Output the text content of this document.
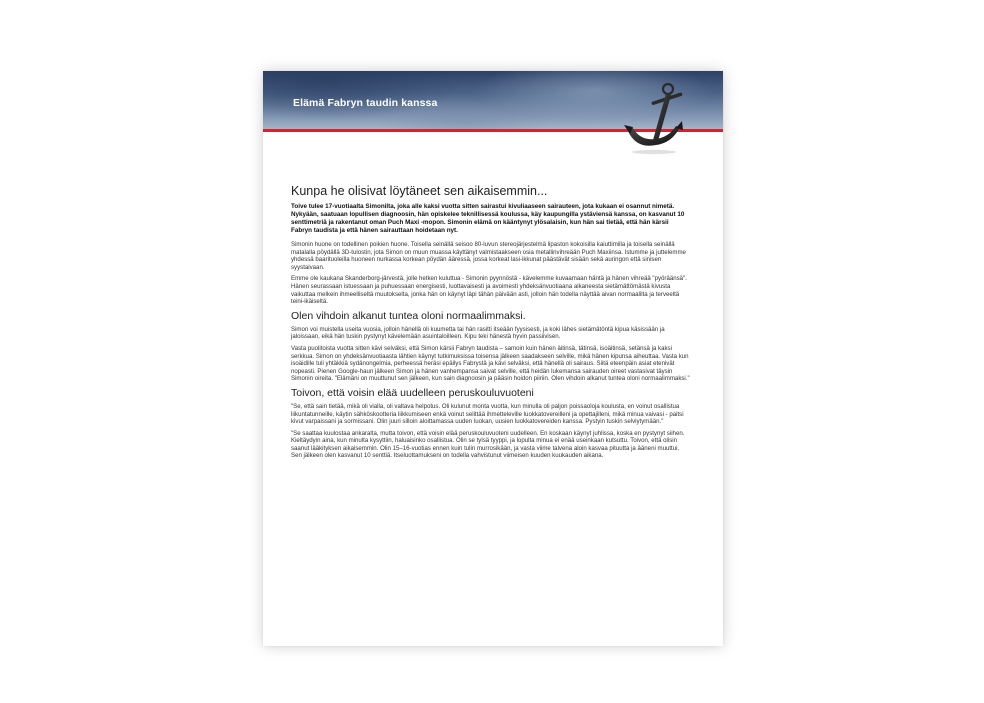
Elämä Fabryn taudin kanssa
Kunpa he olisivat löytäneet sen aikaisemmin...

Toive tulee 17-vuotiaalta Simonilta, joka alle kaksi vuotta sitten sairastui kivuliaaseen sairauteen, jota kukaan ei osannut nimetä. Nykyään, saatuaan lopullisen diagnoosin, hän opiskelee teknillisessä koulussa, käy kaupungilla ystäviensä kanssa, on kasvanut 10 senttimetriä ja rakentanut oman Puch Maxi -mopon. Simonin elämä on kääntynyt ylösalaisin, kun hän sai tietää, että hän kärsii Fabryn taudista ja että hänen sairauttaan hoidetaan nyt.

Simonin huone on todellinen poikien huone. Toisella seinällä seisoo 80-luvun stereojärjestelmä lipaston kokoisilla kaiuttimilla ja toisella seinällä matalalla pöydällä 3D-tulostin, jota Simon on muun muassa käyttänyt valmistaakseen osia metallinvihreään Puch Maxiinsa. Istumme ja juttelemme yhdessä baarituoleilla huoneen nurkassa korkean pöydän ääressä, jossa korkeat lasi-ikkunat päästävät sisään sekä auringon että sinisen syystaivaan.

Emme ole kaukana Skanderborg-järvestä, jolle hetken kuluttua - Simonin pyynnöstä - kävelemme kuvaamaan häntä ja hänen vihreää "pyöräänsä". Hänen seurassaan istuessaan ja puhuessaan energisesti, luottavaisesti ja avoimesti yhdeksänvuotiaana alkaneesta sietämättömästä kivusta vaikuttaa melkein ihmeelliseltä muutokselta, jonka hän on käynyt läpi tähän päivään asti, jolloin hän todella näyttää aivan normaalilta ja terveeltä teini-ikäiseltä.

Olen vihdoin alkanut tuntea oloni normaalimmaksi.

Simon voi muistella useita vuosia, jolloin hänellä oli kuumetta tai hän rasitti itseään fyysisesti, ja koki lähes sietämätöntä kipua käsissään ja jaloissaan, eikä hän tuskin pystynyt kävelemään asuintaloilleen. Kipu teki hänestä hyvin passiivisen.

Vasta puolitoista vuotta sitten kävi selväksi, että Simon kärsii Fabryn taudista – samoin kuin hänen äitinsä, tätinsä, isoäitinsä, setänsä ja kaksi serkkua. Simon on yhdeksänvuotiaasta lähtien käynyt tutkimuksissa toisensa jälkeen saadakseen selville, mikä hänen kipunsa aiheuttaa. Vasta kun isoäidille tuli yhtäkkiä sydänongelmia, perheessä heräsi epäilys Fabrystä ja kävi selväksi, että hänellä oli sairaus. Siitä eteenpäin asiat etenivät nopeasti. Pienen Google-haun jälkeen Simon ja hänen vanhempansa saivat selville, että heidän lukemansa sairauden oireet vastasivat täysin Simonin oireita. "Elämäni on muuttunut sen jälkeen, kun sain diagnoosin ja pääsin hoidon piiriin. Olen vihdoin alkanut tuntea oloni normaalimmaksi."

Toivon, että voisin elää uudelleen peruskouluvuoteni

"Se, että sain tietää, mikä oli vialla, oli valtava helpotus. Oli kulunut monta vuotta, kun minulla oli paljon poissaoloja koulusta, en voinut osallistua liikuntatunneille, käytin sähköskootteria liikkumiseen enkä voinut selittää ihmetteleville luokkatovereilleni ja opettajilleni, mikä minua vaivasi - paitsi kivut varpaissani ja sormissani. Olin juuri silloin aloittamassa uuden luokan, uusien luokkatovereiden kanssa. Pystyin tuskin selviytymään."

"Se saattaa kuulostaa ankaralta, mutta toivon, että voisin elää peruskouluvuoteni uudelleen. En koskaan käynyt juhlissa, koska en pystynyt siihen. Kieltäydyin aina, kun minulta kysyttiin, haluaisinko osallistua. Olin se tylsä tyyppi, ja lopulta minua ei enää useinkaan kutsuttu. Toivon, että olisin saanut lääkityksen aikaisemmin. Olin 15–16-vuotias ennen kuin tulin murrosikään, ja vasta viime talvena aloin kasvaa pituutta ja ääneni muuttui. Sen jälkeen olen kasvanut 10 senttiä. Itseluottamukseni on todella vahvistunut viimeisen kuuden kuukauden aikana.
